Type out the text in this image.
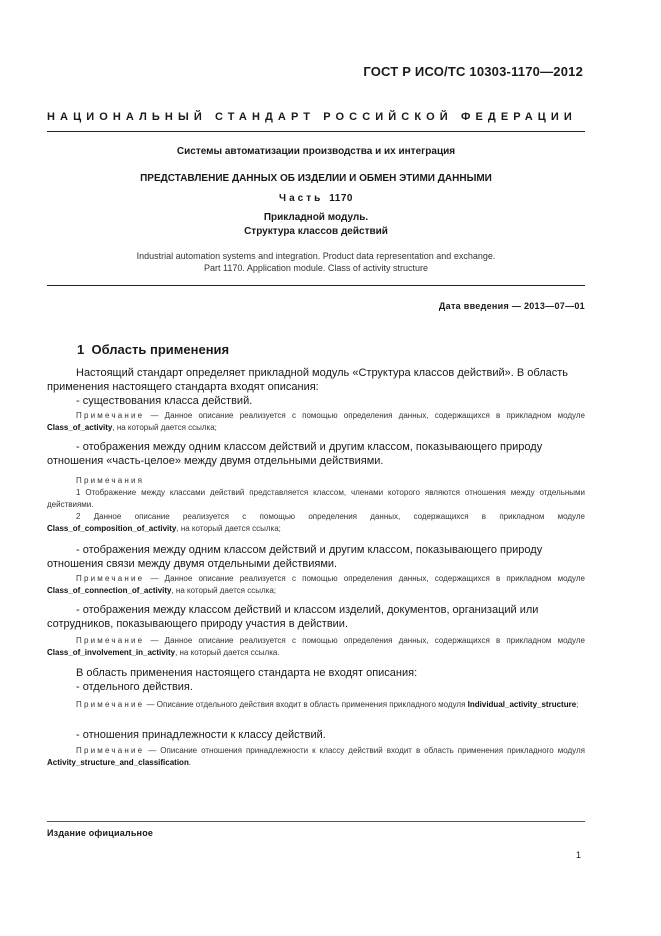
ГОСТ Р ИСО/ТС 10303-1170—2012
НАЦИОНАЛЬНЫЙ СТАНДАРТ РОССИЙСКОЙ ФЕДЕРАЦИИ
Системы автоматизации производства и их интеграция
ПРЕДСТАВЛЕНИЕ ДАННЫХ ОБ ИЗДЕЛИИ И ОБМЕН ЭТИМИ ДАННЫМИ
Часть 1170
Прикладной модуль.
Структура классов действий
Industrial automation systems and integration. Product data representation and exchange.
Part 1170. Application module. Class of activity structure
Дата введения — 2013—07—01
1 Область применения

Настоящий стандарт определяет прикладной модуль «Структура классов действий». В область применения настоящего стандарта входят описания:

- существования класса действий.

Примечание — Данное описание реализуется с помощью определения данных, содержащихся в прикладном модуле Class_of_activity, на который дается ссылка;

- отображения между одним классом действий и другим классом, показывающего природу отношения «часть-целое» между двумя отдельными действиями.

Примечания

1 Отображение между классами действий представляется классом, членами которого являются отношения между отдельными действиями.

2 Данное описание реализуется с помощью определения данных, содержащихся в прикладном модуле Class_of_composition_of_activity, на который дается ссылка;

- отображения между одним классом действий и другим классом, показывающего природу отношения связи между двумя отдельными действиями.

Примечание — Данное описание реализуется с помощью определения данных, содержащихся в прикладном модуле Class_of_connection_of_activity, на который дается ссылка;

- отображения между классом действий и классом изделий, документов, организаций или сотрудников, показывающего природу участия в действии.

Примечание — Данное описание реализуется с помощью определения данных, содержащихся в прикладном модуле Class_of_involvement_in_activity, на который дается ссылка.

В область применения настоящего стандарта не входят описания:

- отдельного действия.

Примечание — Описание отдельного действия входит в область применения прикладного модуля Individual_activity_structure;

- отношения принадлежности к классу действий.

Примечание — Описание отношения принадлежности к классу действий входит в область применения прикладного модуля Activity_structure_and_classification.

Издание официальное
1
